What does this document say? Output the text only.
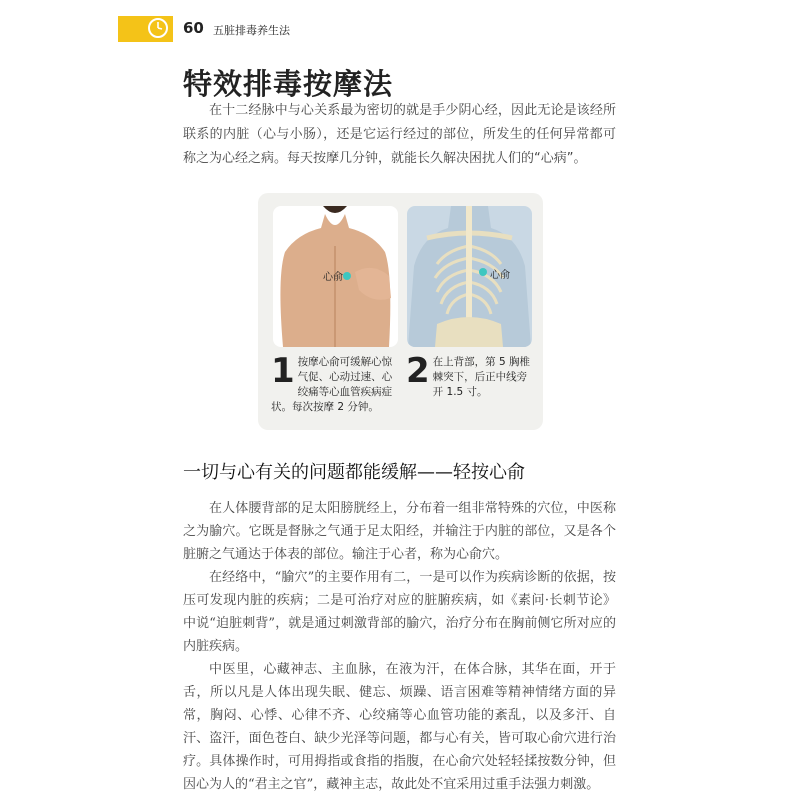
60 五脏排毒养生法
特效排毒按摩法

在十二经脉中与心关系最为密切的就是手少阴心经，因此无论是该经所联系的内脏（心与小肠），还是它运行经过的部位，所发生的任何异常都可称之为心经之病。每天按摩几分钟，就能长久解决困扰人们的“心病”。

心俞	心俞
1 按摩心俞可缓解心惊气促、心动过速、心绞痛等心血管疾病症状。每次按摩 2 分钟。
2 在上背部，第 5 胸椎棘突下，后正中线旁开 1.5 寸。
一切与心有关的问题都能缓解——轻按心俞

在人体腰背部的足太阳膀胱经上，分布着一组非常特殊的穴位，中医称之为腧穴。它既是督脉之气通于足太阳经，并输注于内脏的部位，又是各个脏腑之气通达于体表的部位。输注于心者，称为心俞穴。

在经络中，“腧穴”的主要作用有二，一是可以作为疾病诊断的依据，按压可发现内脏的疾病；二是可治疗对应的脏腑疾病，如《素问·长刺节论》中说“迫脏刺背”，就是通过刺激背部的腧穴，治疗分布在胸前侧它所对应的内脏疾病。

中医里，心藏神志、主血脉，在液为汗，在体合脉，其华在面，开于舌，所以凡是人体出现失眠、健忘、烦躁、语言困难等精神情绪方面的异常，胸闷、心悸、心律不齐、心绞痛等心血管功能的紊乱，以及多汗、自汗、盗汗，面色苍白、缺少光泽等问题，都与心有关，皆可取心俞穴进行治疗。具体操作时，可用拇指或食指的指腹，在心俞穴处轻轻揉按数分钟，但因心为人的“君主之官”，藏神主志，故此处不宜采用过重手法强力刺激。
